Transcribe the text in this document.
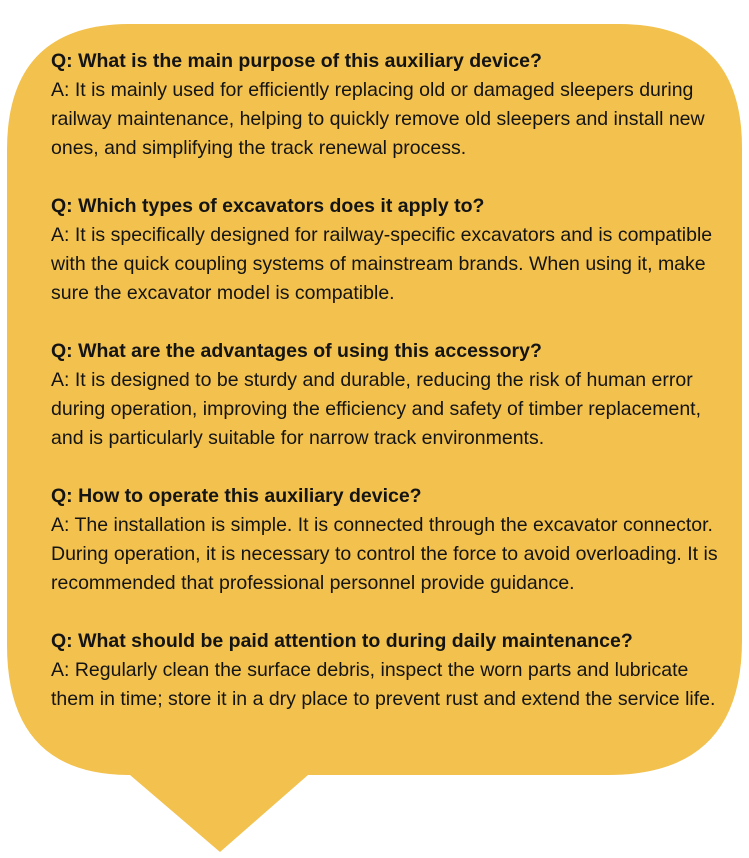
Q: What is the main purpose of this auxiliary device?
A: It is mainly used for efficiently replacing old or damaged sleepers during railway maintenance, helping to quickly remove old sleepers and install new ones, and simplifying the track renewal process.
Q: Which types of excavators does it apply to?
A: It is specifically designed for railway-specific excavators and is compatible with the quick coupling systems of mainstream brands. When using it, make sure the excavator model is compatible.
Q: What are the advantages of using this accessory?
A: It is designed to be sturdy and durable, reducing the risk of human error during operation, improving the efficiency and safety of timber replacement, and is particularly suitable for narrow track environments.
Q: How to operate this auxiliary device?
A: The installation is simple. It is connected through the excavator connector. During operation, it is necessary to control the force to avoid overloading. It is recommended that professional personnel provide guidance.
Q: What should be paid attention to during daily maintenance?
A: Regularly clean the surface debris, inspect the worn parts and lubricate them in time; store it in a dry place to prevent rust and extend the service life.
